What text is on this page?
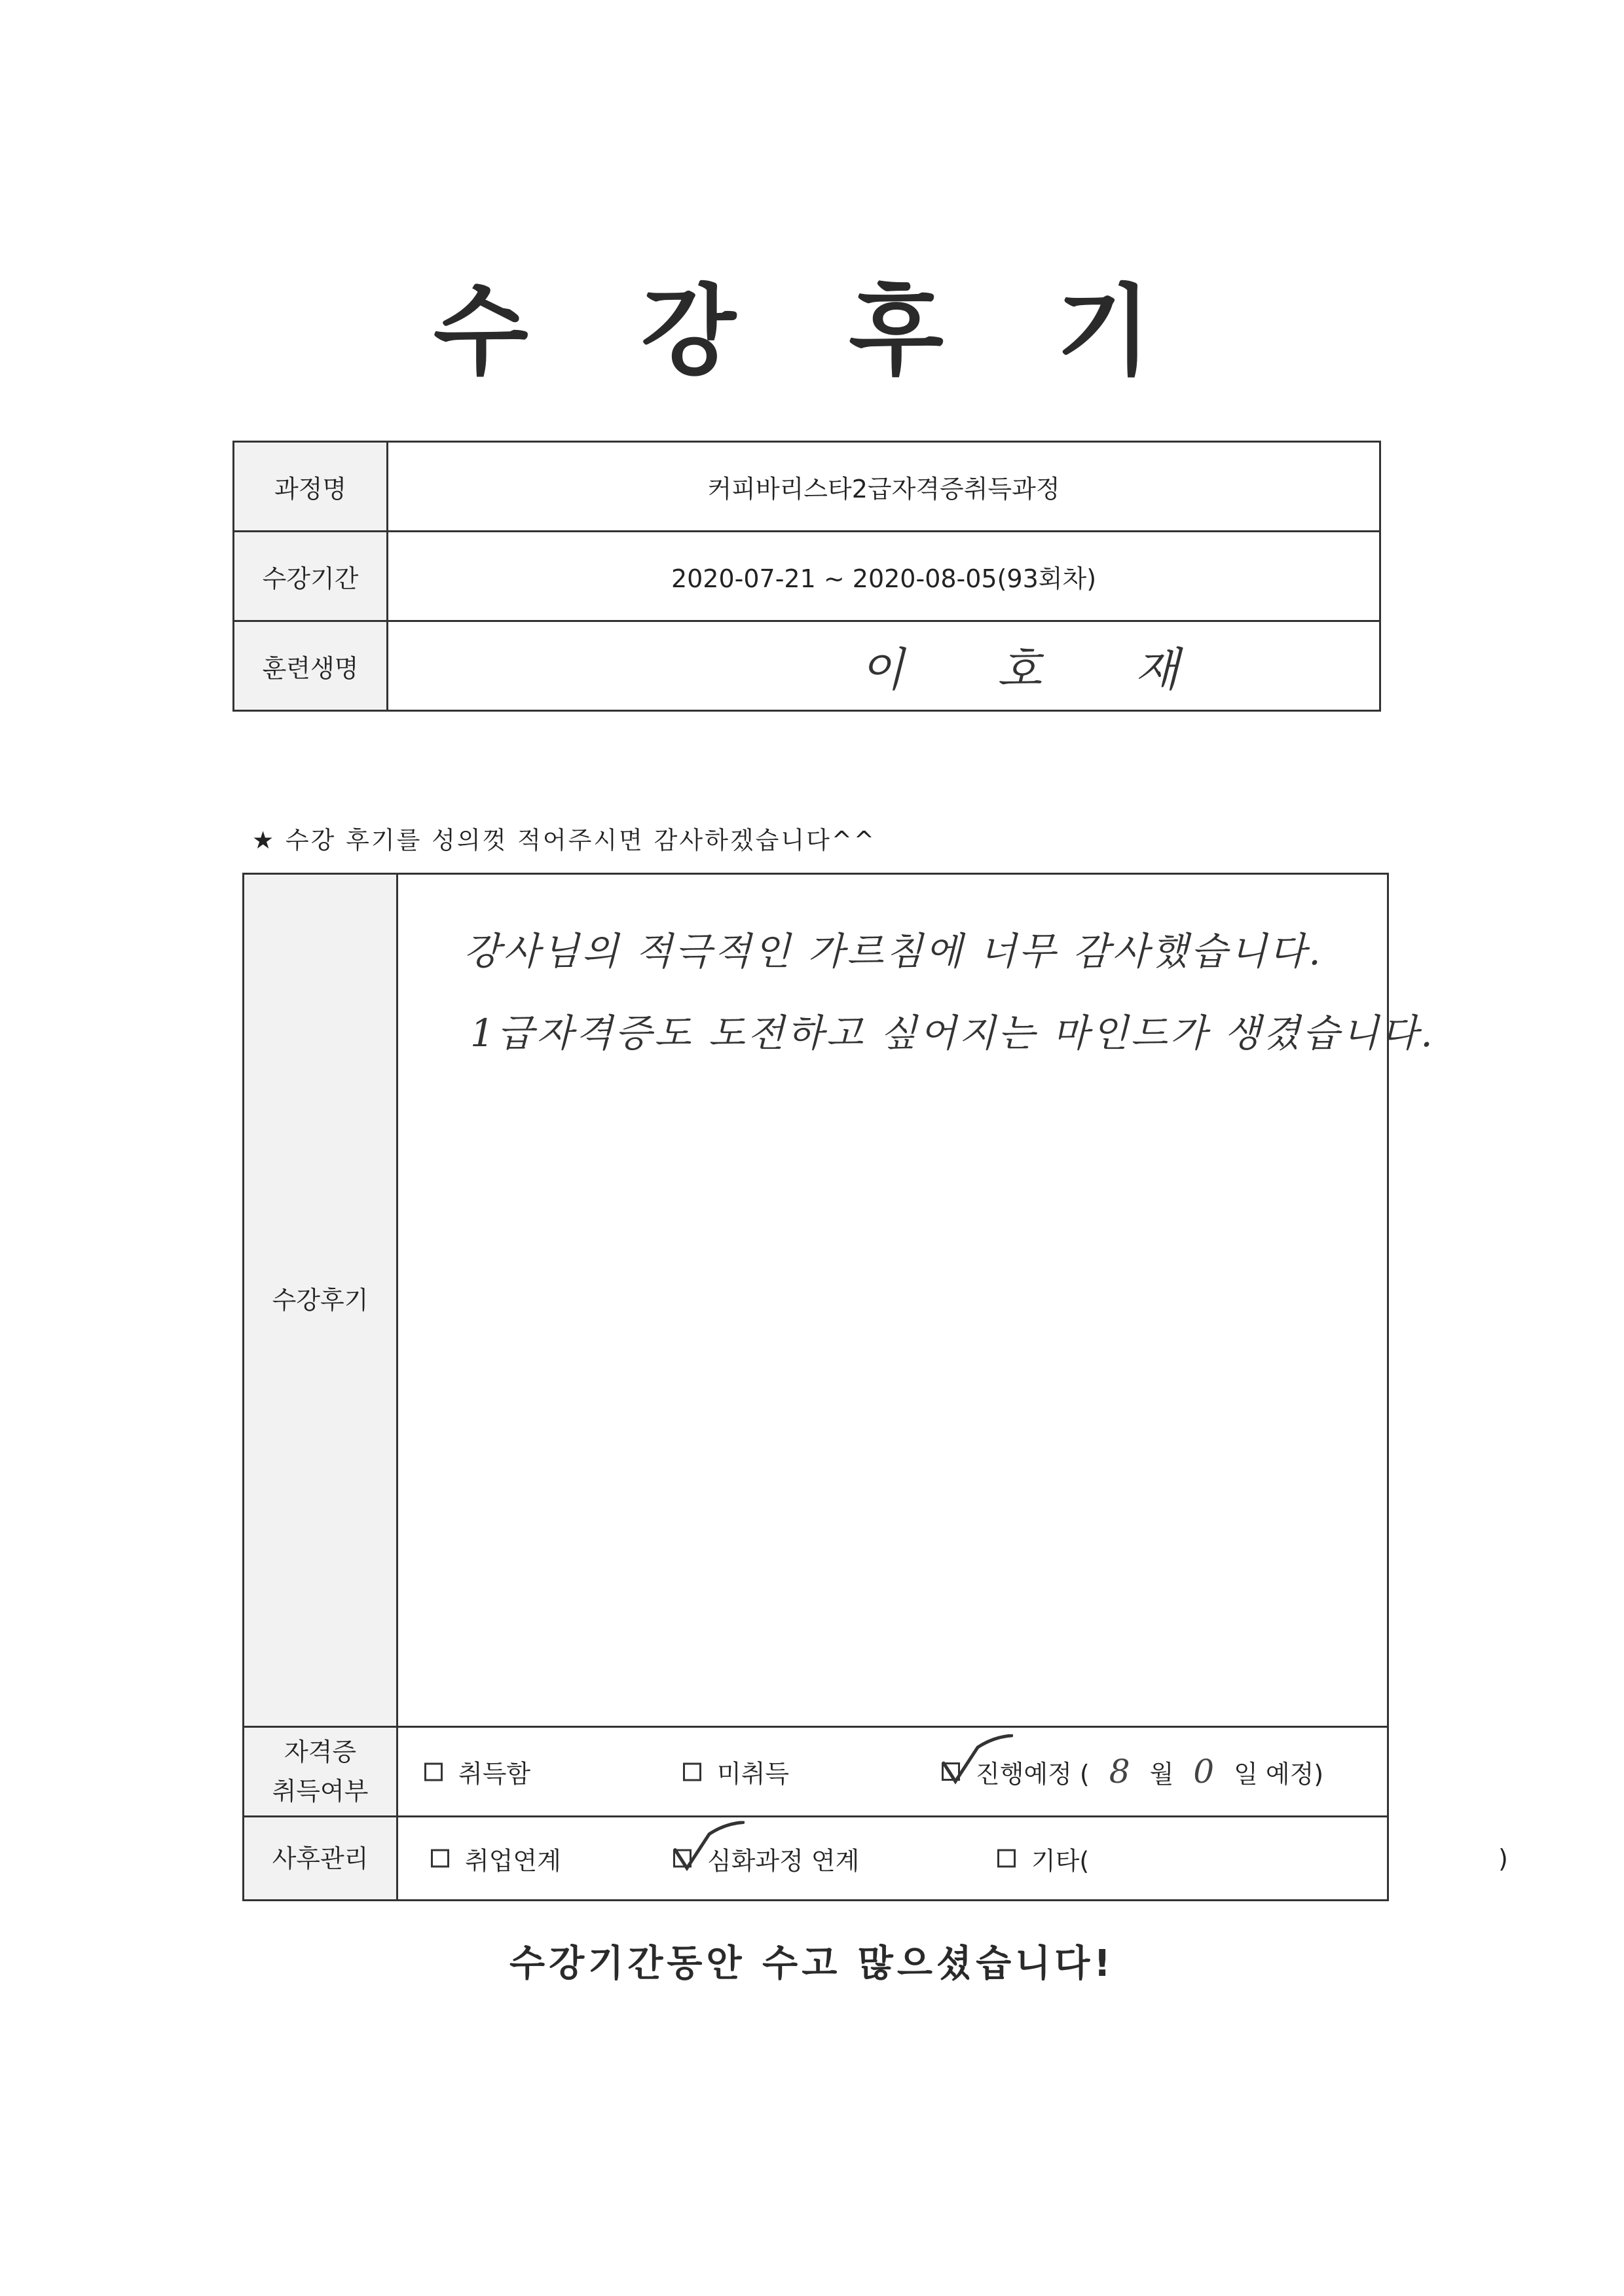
수 강 후 기
과정명	커피바리스타2급자격증취득과정
수강기간	2020-07-21 ~ 2020-08-05(93회차)
훈련생명	이 호 재
★ 수강 후기를 성의껏 적어주시면 감사하겠습니다^^
수강후기
강사님의 적극적인 가르침에 너무 감사했습니다.
1급자격증도 도전하고 싶어지는 마인드가 생겼습니다.
자격증
취득여부
취득함	미취득	진행예정 ( 8 월 0 일 예정)
사후관리	취업연계	심화과정 연계	기타(	)
수강기간동안 수고 많으셨습니다!
